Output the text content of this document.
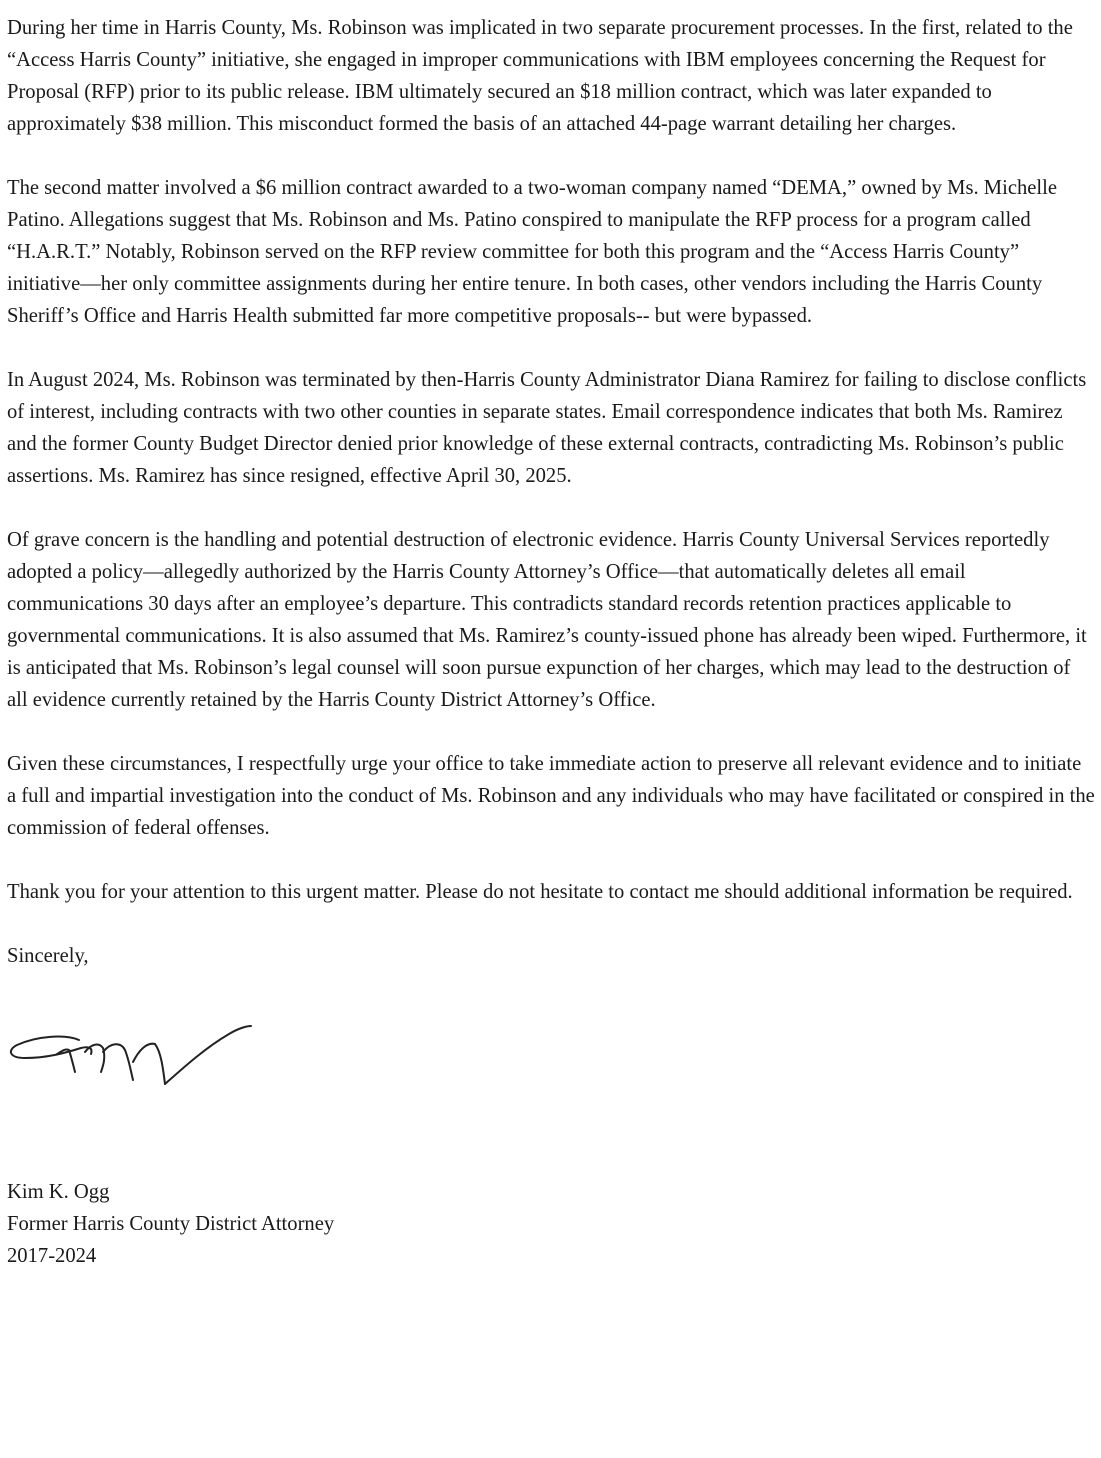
During her time in Harris County, Ms. Robinson was implicated in two separate procurement processes. In the first, related to the “Access Harris County” initiative, she engaged in improper communications with IBM employees concerning the Request for Proposal (RFP) prior to its public release. IBM ultimately secured an $18 million contract, which was later expanded to approximately $38 million. This misconduct formed the basis of an attached 44-page warrant detailing her charges.

The second matter involved a $6 million contract awarded to a two-woman company named “DEMA,” owned by Ms. Michelle Patino. Allegations suggest that Ms. Robinson and Ms. Patino conspired to manipulate the RFP process for a program called “H.A.R.T.” Notably, Robinson served on the RFP review committee for both this program and the “Access Harris County” initiative—her only committee assignments during her entire tenure. In both cases, other vendors including the Harris County Sheriff’s Office and Harris Health submitted far more competitive proposals-- but were bypassed.

In August 2024, Ms. Robinson was terminated by then-Harris County Administrator Diana Ramirez for failing to disclose conflicts of interest, including contracts with two other counties in separate states. Email correspondence indicates that both Ms. Ramirez and the former County Budget Director denied prior knowledge of these external contracts, contradicting Ms. Robinson’s public assertions. Ms. Ramirez has since resigned, effective April 30, 2025.

Of grave concern is the handling and potential destruction of electronic evidence. Harris County Universal Services reportedly adopted a policy—allegedly authorized by the Harris County Attorney’s Office—that automatically deletes all email communications 30 days after an employee’s departure. This contradicts standard records retention practices applicable to governmental communications. It is also assumed that Ms. Ramirez’s county-issued phone has already been wiped. Furthermore, it is anticipated that Ms. Robinson’s legal counsel will soon pursue expunction of her charges, which may lead to the destruction of all evidence currently retained by the Harris County District Attorney’s Office.

Given these circumstances, I respectfully urge your office to take immediate action to preserve all relevant evidence and to initiate a full and impartial investigation into the conduct of Ms. Robinson and any individuals who may have facilitated or conspired in the commission of federal offenses.

Thank you for your attention to this urgent matter. Please do not hesitate to contact me should additional information be required.

Sincerely,

Kim K. Ogg
Former Harris County District Attorney
2017-2024
